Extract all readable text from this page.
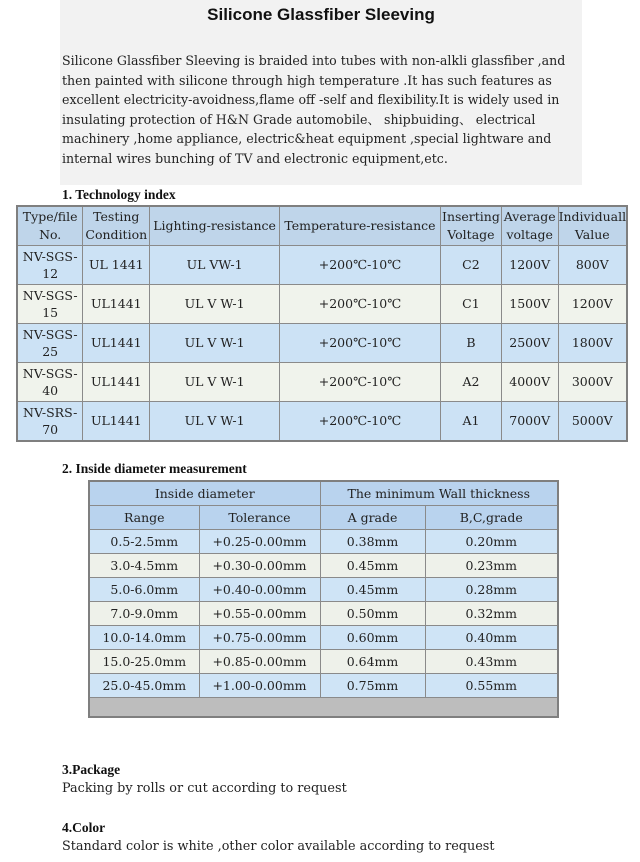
Silicone Glassfiber Sleeving
Silicone Glassfiber Sleeving is braided into tubes with non-alkli glassfiber ,and then painted with silicone through high temperature .It has such features as excellent electricity-avoidness,flame off -self and flexibility.It is widely used in insulating protection of H&N Grade automobile、 shipbuiding、 electrical machinery ,home appliance, electric&heat equipment ,special lightware and internal wires bunching of TV and electronic equipment,etc.
1. Technology index
Type/file No.	Testing Condition	Lighting-resistance	Temperature-resistance	Inserting Voltage	Average voltage	Individuall Value
NV-SGS-12	UL 1441	UL VW-1	+200℃-10℃	C2	1200V	800V
NV-SGS-15	UL1441	UL V W-1	+200℃-10℃	C1	1500V	1200V
NV-SGS-25	UL1441	UL V W-1	+200℃-10℃	B	2500V	1800V
NV-SGS-40	UL1441	UL V W-1	+200℃-10℃	A2	4000V	3000V
NV-SRS-70	UL1441	UL V W-1	+200℃-10℃	A1	7000V	5000V
2. Inside diameter measurement
Inside diameter		The minimum Wall thickness	
Range	Tolerance	A grade	B,C,grade
0.5-2.5mm	+0.25-0.00mm	0.38mm	0.20mm
3.0-4.5mm	+0.30-0.00mm	0.45mm	0.23mm
5.0-6.0mm	+0.40-0.00mm	0.45mm	0.28mm
7.0-9.0mm	+0.55-0.00mm	0.50mm	0.32mm
10.0-14.0mm	+0.75-0.00mm	0.60mm	0.40mm
15.0-25.0mm	+0.85-0.00mm	0.64mm	0.43mm
25.0-45.0mm	+1.00-0.00mm	0.75mm	0.55mm

3.Package
Packing by rolls or cut according to request
4.Color
Standard color is white ,other color available according to request
